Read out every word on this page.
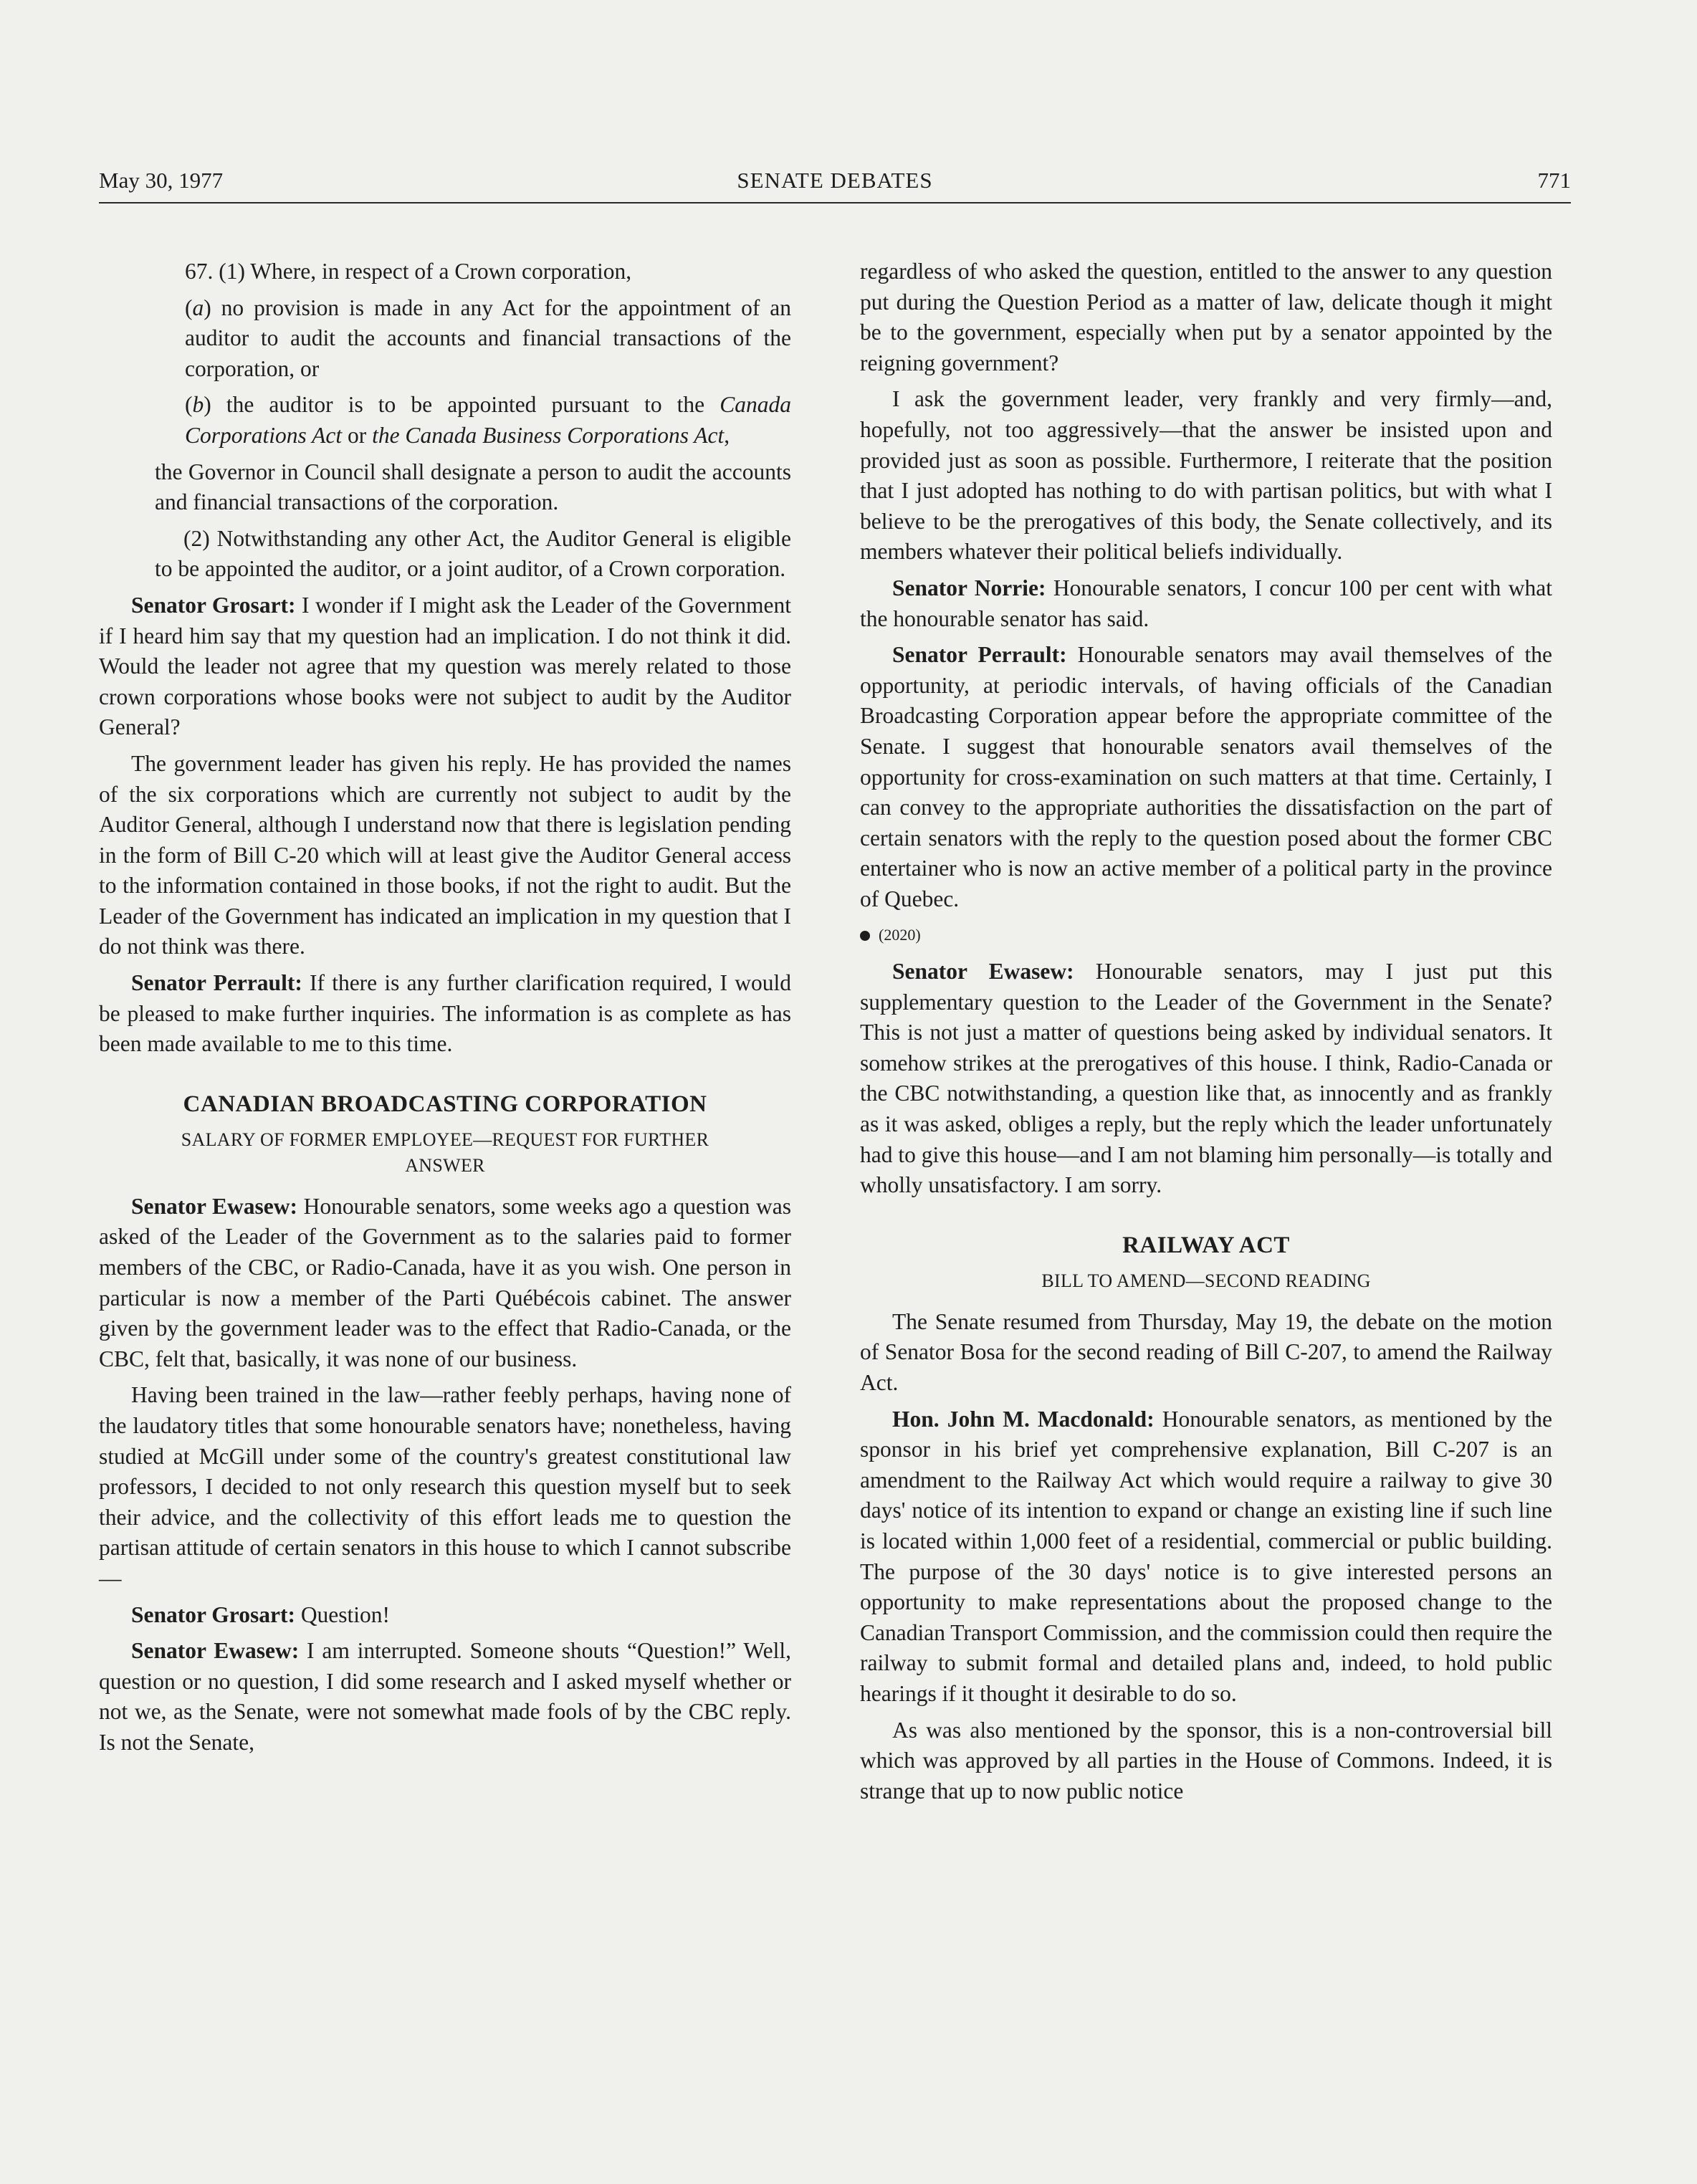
May 30, 1977	SENATE DEBATES	771

67. (1) Where, in respect of a Crown corporation,

(a) no provision is made in any Act for the appointment of an auditor to audit the accounts and financial transactions of the corporation, or

(b) the auditor is to be appointed pursuant to the Canada Corporations Act or the Canada Business Corporations Act,

the Governor in Council shall designate a person to audit the accounts and financial transactions of the corporation.

(2) Notwithstanding any other Act, the Auditor General is eligible to be appointed the auditor, or a joint auditor, of a Crown corporation.

Senator Grosart: I wonder if I might ask the Leader of the Government if I heard him say that my question had an implication. I do not think it did. Would the leader not agree that my question was merely related to those crown corporations whose books were not subject to audit by the Auditor General?

The government leader has given his reply. He has provided the names of the six corporations which are currently not subject to audit by the Auditor General, although I understand now that there is legislation pending in the form of Bill C-20 which will at least give the Auditor General access to the information contained in those books, if not the right to audit. But the Leader of the Government has indicated an implication in my question that I do not think was there.

Senator Perrault: If there is any further clarification required, I would be pleased to make further inquiries. The information is as complete as has been made available to me to this time.

CANADIAN BROADCASTING CORPORATION
SALARY OF FORMER EMPLOYEE—REQUEST FOR FURTHER ANSWER

Senator Ewasew: Honourable senators, some weeks ago a question was asked of the Leader of the Government as to the salaries paid to former members of the CBC, or Radio-Canada, have it as you wish. One person in particular is now a member of the Parti Québécois cabinet. The answer given by the government leader was to the effect that Radio-Canada, or the CBC, felt that, basically, it was none of our business.

Having been trained in the law—rather feebly perhaps, having none of the laudatory titles that some honourable senators have; nonetheless, having studied at McGill under some of the country's greatest constitutional law professors, I decided to not only research this question myself but to seek their advice, and the collectivity of this effort leads me to question the partisan attitude of certain senators in this house to which I cannot subscribe—

Senator Grosart: Question!

Senator Ewasew: I am interrupted. Someone shouts “Question!” Well, question or no question, I did some research and I asked myself whether or not we, as the Senate, were not somewhat made fools of by the CBC reply. Is not the Senate,

regardless of who asked the question, entitled to the answer to any question put during the Question Period as a matter of law, delicate though it might be to the government, especially when put by a senator appointed by the reigning government?

I ask the government leader, very frankly and very firmly—and, hopefully, not too aggressively—that the answer be insisted upon and provided just as soon as possible. Furthermore, I reiterate that the position that I just adopted has nothing to do with partisan politics, but with what I believe to be the prerogatives of this body, the Senate collectively, and its members whatever their political beliefs individually.

Senator Norrie: Honourable senators, I concur 100 per cent with what the honourable senator has said.

Senator Perrault: Honourable senators may avail themselves of the opportunity, at periodic intervals, of having officials of the Canadian Broadcasting Corporation appear before the appropriate committee of the Senate. I suggest that honourable senators avail themselves of the opportunity for cross-examination on such matters at that time. Certainly, I can convey to the appropriate authorities the dissatisfaction on the part of certain senators with the reply to the question posed about the former CBC entertainer who is now an active member of a political party in the province of Quebec.

(2020)

Senator Ewasew: Honourable senators, may I just put this supplementary question to the Leader of the Government in the Senate? This is not just a matter of questions being asked by individual senators. It somehow strikes at the prerogatives of this house. I think, Radio-Canada or the CBC notwithstanding, a question like that, as innocently and as frankly as it was asked, obliges a reply, but the reply which the leader unfortunately had to give this house—and I am not blaming him personally—is totally and wholly unsatisfactory. I am sorry.

RAILWAY ACT
BILL TO AMEND—SECOND READING

The Senate resumed from Thursday, May 19, the debate on the motion of Senator Bosa for the second reading of Bill C-207, to amend the Railway Act.

Hon. John M. Macdonald: Honourable senators, as mentioned by the sponsor in his brief yet comprehensive explanation, Bill C-207 is an amendment to the Railway Act which would require a railway to give 30 days' notice of its intention to expand or change an existing line if such line is located within 1,000 feet of a residential, commercial or public building. The purpose of the 30 days' notice is to give interested persons an opportunity to make representations about the proposed change to the Canadian Transport Commission, and the commission could then require the railway to submit formal and detailed plans and, indeed, to hold public hearings if it thought it desirable to do so.

As was also mentioned by the sponsor, this is a non-controversial bill which was approved by all parties in the House of Commons. Indeed, it is strange that up to now public notice
